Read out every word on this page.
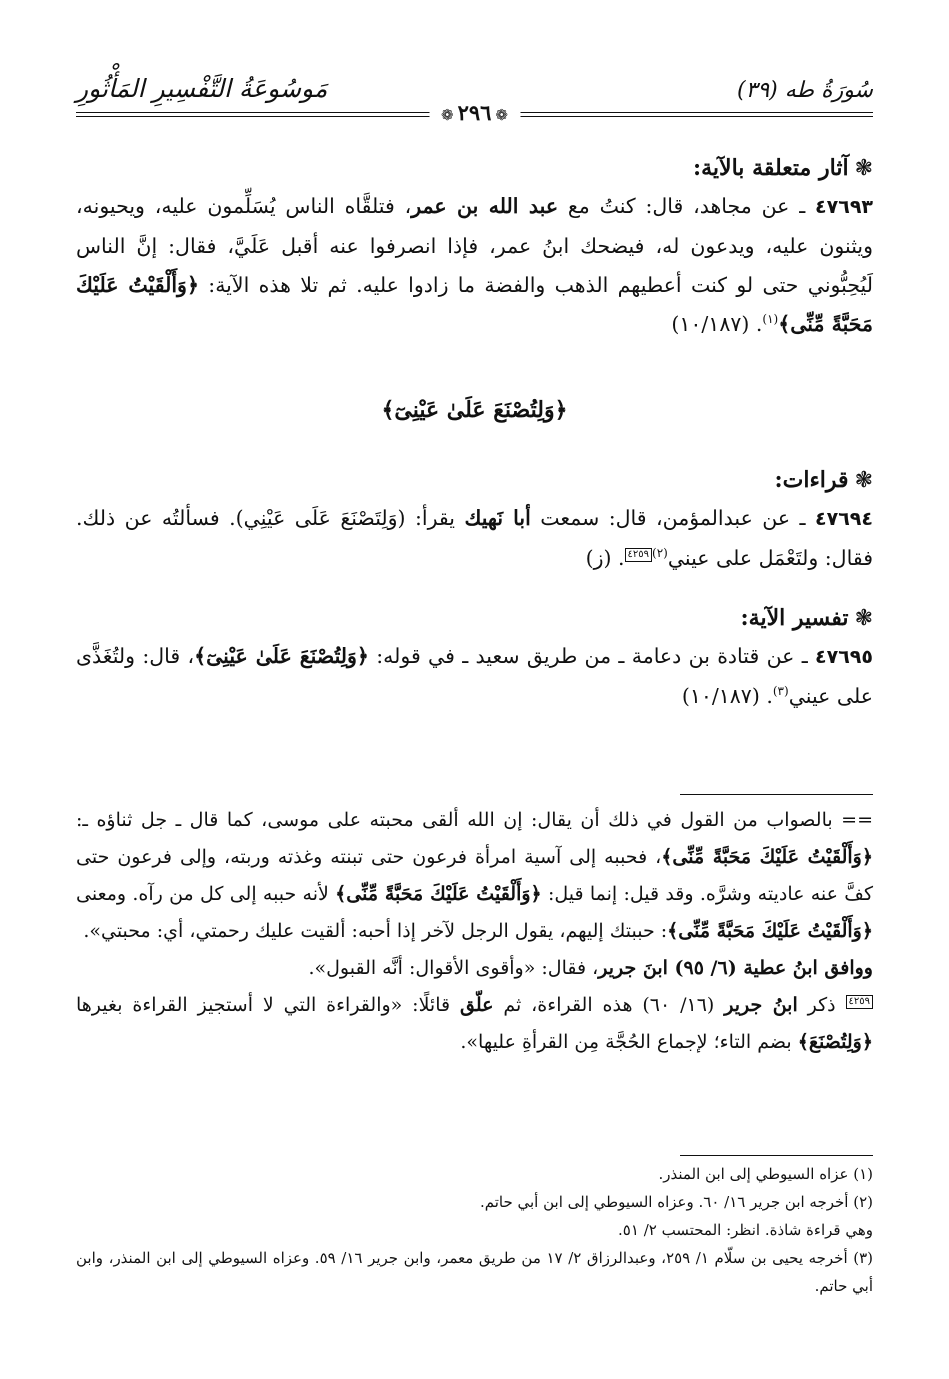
سُورَةُ طه (٣٩)
مَوسُوعَةُ التَّفْسِيرِ المَأْثُورِ
❁٢٩٦❁

❃آثار متعلقة بالآية:

٤٧٦٩٣ ـ عن مجاهد، قال: كنتُ مع عبد الله بن عمر، فتلقَّاه الناس يُسَلِّمون عليه، ويحيونه، ويثنون عليه، ويدعون له، فيضحك ابنُ عمر، فإذا انصرفوا عنه أقبل عَلَيَّ، فقال: إنَّ الناس لَيُحِبُّوني حتى لو كنت أعطيهم الذهب والفضة ما زادوا عليه. ثم تلا هذه الآية: ﴿وَأَلْقَيْتُ عَلَيْكَ مَحَبَّةً مِّنِّى﴾$^{(١)}$. (١٠/١٨٧)

﴿وَلِتُصْنَعَ عَلَىٰ عَيْنِىٓ﴾

❃قراءات:

٤٧٦٩٤ ـ عن عبدالمؤمن، قال: سمعت أبا نَهيك يقرأ: (وَلِتَصْنَعَ عَلَى عَيْنِي). فسألتُه عن ذلك. فقال: ولتَعْمَل على عيني$^{(٢)}$٤٢٥٩. (ز)

❃تفسير الآية:

٤٧٦٩٥ ـ عن قتادة بن دعامة ـ من طريق سعيد ـ في قوله: ﴿وَلِتُصْنَعَ عَلَىٰ عَيْنِىٓ﴾، قال: ولتُغَذَّى على عيني$^{(٣)}$. (١٠/١٨٧)

== بالصواب من القول في ذلك أن يقال: إن الله ألقى محبته على موسى، كما قال ـ جل ثناؤه ـ: ﴿وَأَلْقَيْتُ عَلَيْكَ مَحَبَّةً مِّنِّى﴾، فحببه إلى آسية امرأة فرعون حتى تبنته وغذته وربته، وإلى فرعون حتى كفَّ عنه عاديته وشرَّه. وقد قيل: إنما قيل: ﴿وَأَلْقَيْتُ عَلَيْكَ مَحَبَّةً مِّنِّى﴾ لأنه حببه إلى كل من رآه. ومعنى ﴿وَأَلْقَيْتُ عَلَيْكَ مَحَبَّةً مِّنِّى﴾: حببتك إليهم، يقول الرجل لآخر إذا أحبه: ألقيت عليك رحمتي، أي: محبتي».

ووافق ابنُ عطية (٦/ ٩٥) ابنَ جرير، فقال: «وأقوى الأقوال: أنَّه القبول».

٤٢٥٩ ذكر ابنُ جرير (١٦/ ٦٠) هذه القراءة، ثم علّق قائلًا: «والقراءة التي لا أستجيز القراءة بغيرها ﴿وَلِتُصْنَعَ﴾ بضم التاء؛ لإجماع الحُجَّة مِن القرأةِ عليها».

(١) عزاه السيوطي إلى ابن المنذر.

(٢) أخرجه ابن جرير ١٦/ ٦٠. وعزاه السيوطي إلى ابن أبي حاتم.

وهي قراءة شاذة. انظر: المحتسب ٢/ ٥١.

(٣) أخرجه يحيى بن سلّام ١/ ٢٥٩، وعبدالرزاق ٢/ ١٧ من طريق معمر، وابن جرير ١٦/ ٥٩. وعزاه السيوطي إلى ابن المنذر، وابن أبي حاتم.
